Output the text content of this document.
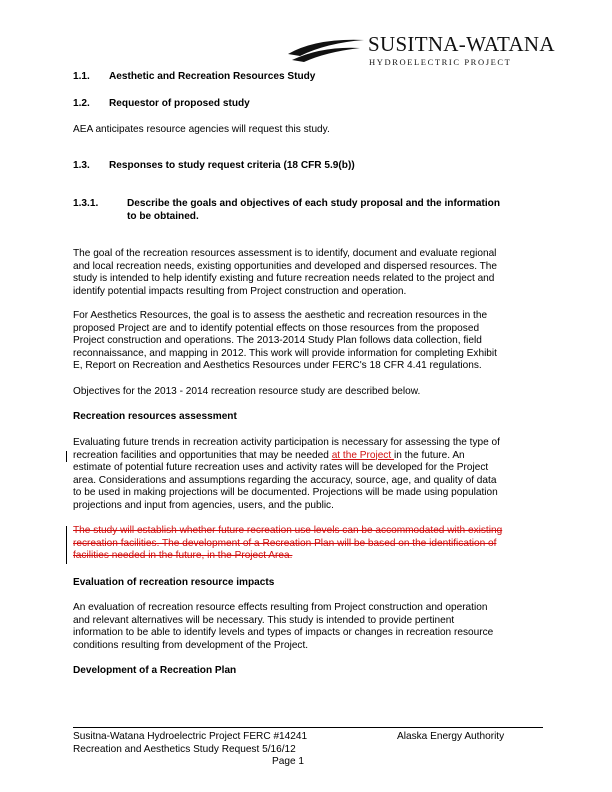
SUSITNA-WATANA
HYDROELECTRIC PROJECT
1.1. Aesthetic and Recreation Resources Study
1.2. Requestor of proposed study
AEA anticipates resource agencies will request this study.
1.3. Responses to study request criteria (18 CFR 5.9(b))
1.3.1.	Describe the goals and objectives of each study proposal and the information
to be obtained.
The goal of the recreation resources assessment is to identify, document and evaluate regional
and local recreation needs, existing opportunities and developed and dispersed resources. The
study is intended to help identify existing and future recreation needs related to the project and
identify potential impacts resulting from Project construction and operation.
For Aesthetics Resources, the goal is to assess the aesthetic and recreation resources in the
proposed Project are and to identify potential effects on those resources from the proposed
Project construction and operations. The 2013-2014 Study Plan follows data collection, field
reconnaissance, and mapping in 2012. This work will provide information for completing Exhibit
E, Report on Recreation and Aesthetics Resources under FERC's 18 CFR 4.41 regulations.
Objectives for the 2013 - 2014 recreation resource study are described below.
Recreation resources assessment
Evaluating future trends in recreation activity participation is necessary for assessing the type of
recreation facilities and opportunities that may be needed at the Project in the future. An
estimate of potential future recreation uses and activity rates will be developed for the Project
area. Considerations and assumptions regarding the accuracy, source, age, and quality of data
to be used in making projections will be documented. Projections will be made using population
projections and input from agencies, users, and the public.
The study will establish whether future recreation use levels can be accommodated with existing
recreation facilities. The development of a Recreation Plan will be based on the identification of
facilities needed in the future, in the Project Area.
Evaluation of recreation resource impacts
An evaluation of recreation resource effects resulting from Project construction and operation
and relevant alternatives will be necessary. This study is intended to provide pertinent
information to be able to identify levels and types of impacts or changes in recreation resource
conditions resulting from development of the Project.
Development of a Recreation Plan
Susitna-Watana Hydroelectric Project FERC #14241
Recreation and Aesthetics Study Request 5/16/12
Alaska Energy Authority
Page 1
